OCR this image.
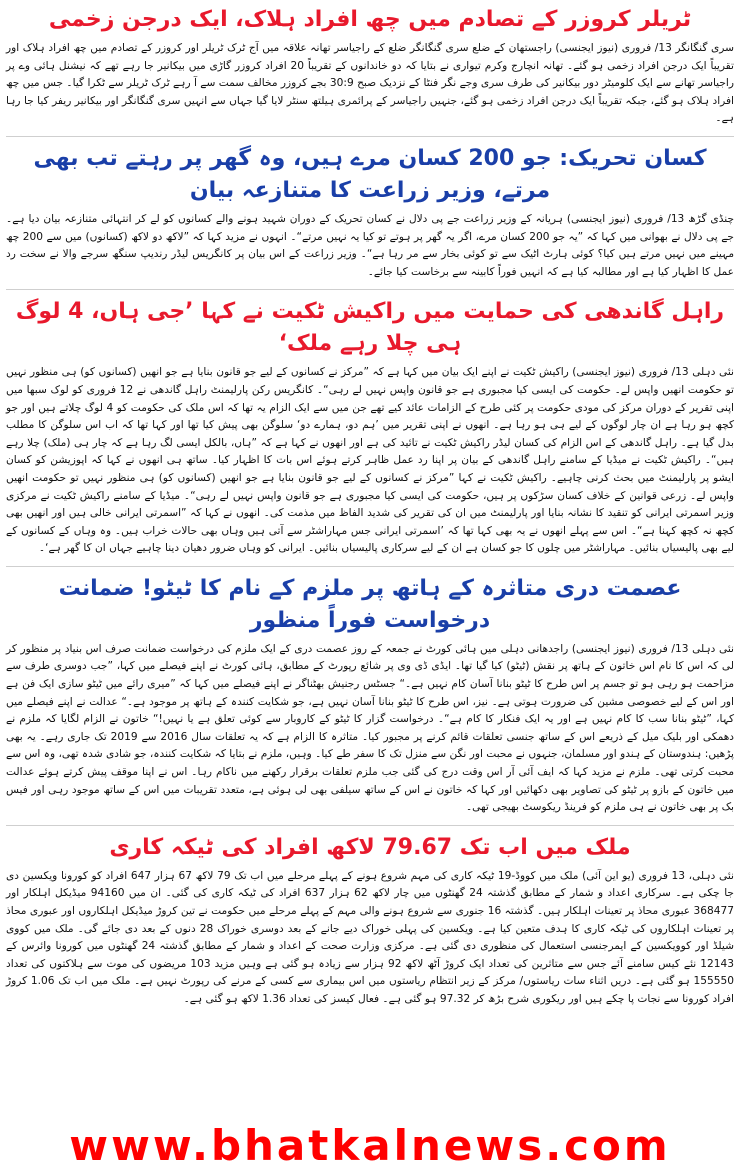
ٹریلر کروزر کے تصادم میں چھ افراد ہلاک، ایک درجن زخمی

سری گنگانگر 13/ فروری (نیوز ایجنسی) راجستھان کے ضلع سری گنگانگر ضلع کے راجیاسر تھانہ علاقہ میں آج ٹرک ٹریلر اور کروزر کے تصادم میں چھ افراد ہلاک اور تقریباً ایک درجن افراد زخمی ہو گئے۔ تھانہ انچارج وکرم تیواری نے بتایا کہ دو خاندانوں کے تقریباً 20 افراد کروزر گاڑی میں بیکانیر جا رہے تھے کہ نیشنل ہائی وے پر راجیاسر تھانے سے ایک کلومیٹر دور بیکانیر کی طرف سری وجے نگر فنٹا کے نزدیک صبح 30:9 بجے کروزر مخالف سمت سے آ رہے ٹرک ٹریلر سے ٹکرا گیا۔ جس میں چھ افراد ہلاک ہو گئے، جبکہ تقریباً ایک درجن افراد زخمی ہو گئے، جنہیں راجیاسر کے پرائمری ہیلتھ سنٹر لایا گیا جہاں سے انہیں سری گنگانگر اور بیکانیر ریفر کیا جا رہا ہے۔

کسان تحریک: جو 200 کسان مرے ہیں، وہ گھر پر رہتے تب بھی مرتے، وزیر زراعت کا متنازعہ بیان

چنڈی گڑھ 13/ فروری (نیوز ایجنسی) ہریانہ کے وزیر زراعت جے پی دلال نے کسان تحریک کے دوران شہید ہونے والے کسانوں کو لے کر انتہائی متنازعہ بیان دیا ہے۔ جے پی دلال نے بھوانی میں کہا کہ ”یہ جو 200 کسان مرے، اگر یہ گھر پر ہوتے تو کیا یہ نہیں مرتے“۔ انہوں نے مزید کہا کہ ”لاکھ دو لاکھ (کسانوں) میں سے 200 چھ مہینے میں نہیں مرتے ہیں کیا؟ کوئی ہارٹ اٹیک سے تو کوئی بخار سے مر رہا ہے“۔ وزیر زراعت کے اس بیان پر کانگریس لیڈر رندیپ سنگھ سرجے والا نے سخت رد عمل کا اظہار کیا ہے اور مطالبہ کیا ہے کہ انہیں فوراً کابینہ سے برخاست کیا جائے۔

راہل گاندھی کی حمایت میں راکیش ٹکیت نے کہا ’جی ہاں، 4 لوگ ہی چلا رہے ملک‘

نئی دہلی 13/ فروری (نیوز ایجنسی) راکیش ٹکیت نے اپنے ایک بیان میں کہا ہے کہ ”مرکز نے کسانوں کے لیے جو قانون بنایا ہے جو انھیں (کسانوں کو) ہی منظور نہیں تو حکومت انھیں واپس لے۔ حکومت کی ایسی کیا مجبوری ہے جو قانون واپس نہیں لے رہی“۔ کانگریس رکن پارلیمنٹ راہل گاندھی نے 12 فروری کو لوک سبھا میں اپنی تقریر کے دوران مرکز کی مودی حکومت پر کئی طرح کے الزامات عائد کیے تھے جن میں سے ایک الزام یہ تھا کہ اس ملک کی حکومت کو 4 لوگ چلاتے ہیں اور جو کچھ ہو رہا ہے ان چار لوگوں کے لیے ہی ہو رہا ہے۔ انھوں نے اپنی تقریر میں ’ہم دو، ہمارے دو‘ سلوگن بھی پیش کیا تھا اور کہا تھا کہ اب اس سلوگن کا مطلب بدل گیا ہے۔ راہل گاندھی کے اس الزام کی کسان لیڈر راکیش ٹکیت نے تائید کی ہے اور انھوں نے کہا ہے کہ ”ہاں، بالکل ایسی لگ رہا ہے کہ چار ہی (ملک) چلا رہے ہیں“۔ راکیش ٹکیت نے میڈیا کے سامنے راہل گاندھی کے بیان پر اپنا رد عمل ظاہر کرتے ہوئے اس بات کا اظہار کیا۔ ساتھ ہی انھوں نے کہا کہ اپوزیشن کو کسان ایشو پر پارلیمنٹ میں بحث کرنی چاہیے۔ راکیش ٹکیت نے کہا ”مرکز نے کسانوں کے لیے جو قانون بنایا ہے جو انھیں (کسانوں کو) ہی منظور نہیں تو حکومت انھیں واپس لے۔ زرعی قوانین کے خلاف کسان سڑکوں پر ہیں، حکومت کی ایسی کیا مجبوری ہے جو قانون واپس نہیں لے رہی“۔ میڈیا کے سامنے راکیش ٹکیت نے مرکزی وزیر اسمرتی ایرانی کو تنقید کا نشانہ بنایا اور پارلیمنٹ میں ان کی تقریر کی شدید الفاظ میں مذمت کی۔ انھوں نے کہا کہ ”اسمرتی ایرانی خالی ہیں اور انھیں بھی کچھ نہ کچھ کہنا ہے“۔ اس سے پہلے انھوں نے یہ بھی کہا تھا کہ ’اسمرتی ایرانی جس مہاراشٹر سے آتی ہیں وہاں بھی حالات خراب ہیں۔ وہ وہاں کے کسانوں کے لیے بھی پالیسیاں بنائیں۔ مہاراشٹر میں چلوں کا جو کسان ہے ان کے لیے سرکاری پالیسیاں بنائیں۔ ایرانی کو وہاں ضرور دھیان دینا چاہیے جہاں ان کا گھر ہے‘۔

عصمت دری متاثرہ کے ہاتھ پر ملزم کے نام کا ٹیٹو! ضمانت درخواست فوراً منظور

نئی دہلی 13/ فروری (نیوز ایجنسی) راجدھانی دہلی میں ہائی کورٹ نے جمعہ کے روز عصمت دری کے ایک ملزم کی درخواست ضمانت صرف اس بنیاد پر منظور کر لی کہ اس کا نام اس خاتون کے ہاتھ پر نقش (ٹیٹو) کیا گیا تھا۔ ایڈی ڈی وی پر شائع رپورٹ کے مطابق، ہائی کورٹ نے اپنے فیصلے میں کہا، ”جب دوسری طرف سے مزاحمت ہو رہی ہو تو جسم پر اس طرح کا ٹیٹو بنانا آسان کام نہیں ہے۔“ جسٹس رجنیش بھٹناگر نے اپنے فیصلے میں کہا کہ ”میری رائے میں ٹیٹو سازی ایک فن ہے اور اس کے لیے خصوصی مشین کی ضرورت ہوتی ہے۔ نیز، اس طرح کا ٹیٹو بنانا آسان نہیں ہے، جو شکایت کنندہ کے ہاتھ پر موجود ہے۔“ عدالت نے اپنے فیصلے میں کہا، ”ٹیٹو بنانا سب کا کام نہیں ہے اور یہ ایک فنکار کا کام ہے“۔ درخواست گزار کا ٹیٹو کے کاروبار سے کوئی تعلق ہے یا نہیں!“ خاتون نے الزام لگایا کہ ملزم نے دھمکی اور بلیک میل کے ذریعے اس کے ساتھ جنسی تعلقات قائم کرنے پر مجبور کیا۔ متاثرہ کا الزام ہے کہ یہ تعلقات سال 2016 سے 2019 تک جاری رہے۔ یہ بھی پڑھیں: ہندوستان کے ہندو اور مسلمان، جنہوں نے محبت اور نگن سے منزل تک کا سفر طے کیا۔ وہیں، ملزم نے بتایا کہ شکایت کنندہ، جو شادی شدہ تھی، وہ اس سے محبت کرتی تھی۔ ملزم نے مزید کہا کہ ایف آئی آر اس وقت درج کی گئی جب ملزم تعلقات برقرار رکھنے میں ناکام رہا۔ اس نے اپنا موقف پیش کرتے ہوئے عدالت میں خاتون کے بازو پر ٹیٹو کی تصاویر بھی دکھائیں اور کہا کہ خاتون نے اس کے ساتھ سیلفی بھی لی ہوئی ہے، متعدد تقریبات میں اس کے ساتھ موجود رہی اور فیس بک پر بھی خاتون نے ہی ملزم کو فرینڈ ریکوسٹ بھیجی تھی۔

ملک میں اب تک 79.67 لاکھ افراد کی ٹیکہ کاری

نئی دہلی، 13 فروری (یو این آئی) ملک میں کووڈ-19 ٹیکہ کاری کی مہم شروع ہونے کے پہلے مرحلے میں اب تک 79 لاکھ 67 ہزار 647 افراد کو کورونا ویکسین دی جا چکی ہے۔ سرکاری اعداد و شمار کے مطابق گذشتہ 24 گھنٹوں میں چار لاکھ 62 ہزار 637 افراد کی ٹیکہ کاری کی گئی۔ ان میں 94160 میڈیکل اہلکار اور 368477 عبوری محاذ پر تعینات اہلکار ہیں۔ گذشتہ 16 جنوری سے شروع ہونے والی مہم کے پہلے مرحلے میں حکومت نے تین کروڑ میڈیکل اہلکاروں اور عبوری محاذ پر تعینات اہلکاروں کی ٹیکہ کاری کا ہدف متعین کیا ہے۔ ویکسین کی پہلی خوراک دیے جانے کے بعد دوسری خوراک 28 دنوں کے بعد دی جائے گی۔ ملک میں کووی شیلڈ اور کوویکسین کے ایمرجنسی استعمال کی منظوری دی گئی ہے۔ مرکزی وزارت صحت کے اعداد و شمار کے مطابق گذشتہ 24 گھنٹوں میں کورونا وائرس کے 12143 نئے کیس سامنے آئے جس سے متاثرین کی تعداد ایک کروڑ آٹھ لاکھ 92 ہزار سے زیادہ ہو گئی ہے وہیں مزید 103 مریضوں کی موت سے ہلاکتوں کی تعداد 155550 ہو گئی ہے۔ دریں اثناء سات ریاستوں/ مرکز کے زیر انتظام ریاستوں میں اس بیماری سے کسی کے مرنے کی رپورٹ نہیں ہے۔ ملک میں اب تک 1.06 کروڑ افراد کورونا سے نجات پا چکے ہیں اور ریکوری شرح بڑھ کر 97.32 ہو گئی ہے۔ فعال کیسز کی تعداد 1.36 لاکھ ہو گئی ہے۔

www.bhatkalnews.com
